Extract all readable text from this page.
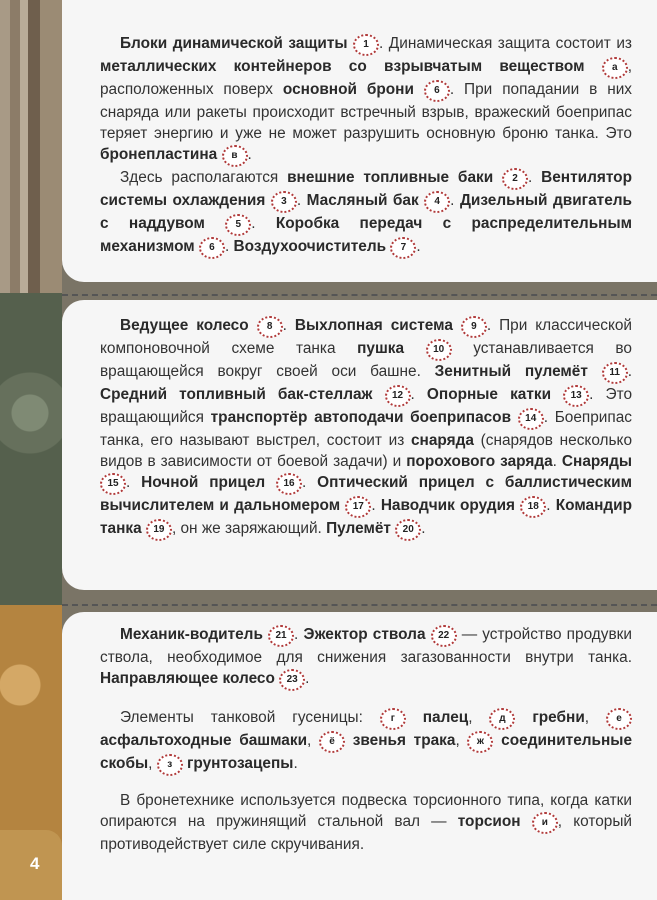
Блоки динамической защиты 1 . Динамическая защита состоит из металлических контейнеров со взрывчатым веществом	а , расположенных поверх основной брони 6 . При попадании в них снаряда или ракеты происходит встречный взрыв, вражеский боеприпас теряет энергию и уже не может разрушить основную броню танка. Это бронепластина в .

Здесь располагаются внешние топливные баки 2 . Вентилятор системы охлаждения 3 . Масляный бак 4 . Дизельный двигатель с наддувом	5 . Коробка передач с распределительным механизмом 6 . Воздухоочиститель 7 .

Ведущее колесо 8 . Выхлопная система 9 . При классической компоновочной схеме танка пушка	10 устанавливается во вращающейся вокруг своей оси башне. Зенитный пулемёт 11 . Средний топливный бак-стеллаж 12 . Опорные катки 13 . Это вращающийся транспортёр автоподачи боеприпасов 14 . Боеприпас танка, его называют выстрел, состоит из снаряда (снарядов несколько видов в зависимости от боевой задачи) и порохового заряда. Снаряды 15 . Ночной прицел 16 . Оптический прицел с баллистическим вычислителем и дальномером 17 . Наводчик орудия 18 . Командир танка 19 , он же заряжающий. Пулемёт 20 .

Механик-водитель 21 . Эжектор ствола 22 — устройство продувки ствола, необходимое для снижения загазованности внутри танка. Направляющее колесо 23 .

Элементы танковой гусеницы: г палец, д гребни, е асфальтоходные башмаки, ё звенья трака, ж соединительные скобы, з грунтозацепы.

В бронетехнике используется подвеска торсионного типа, когда катки опираются на пружинящий стальной вал — торсион и , который противодействует силе скручивания.

4
